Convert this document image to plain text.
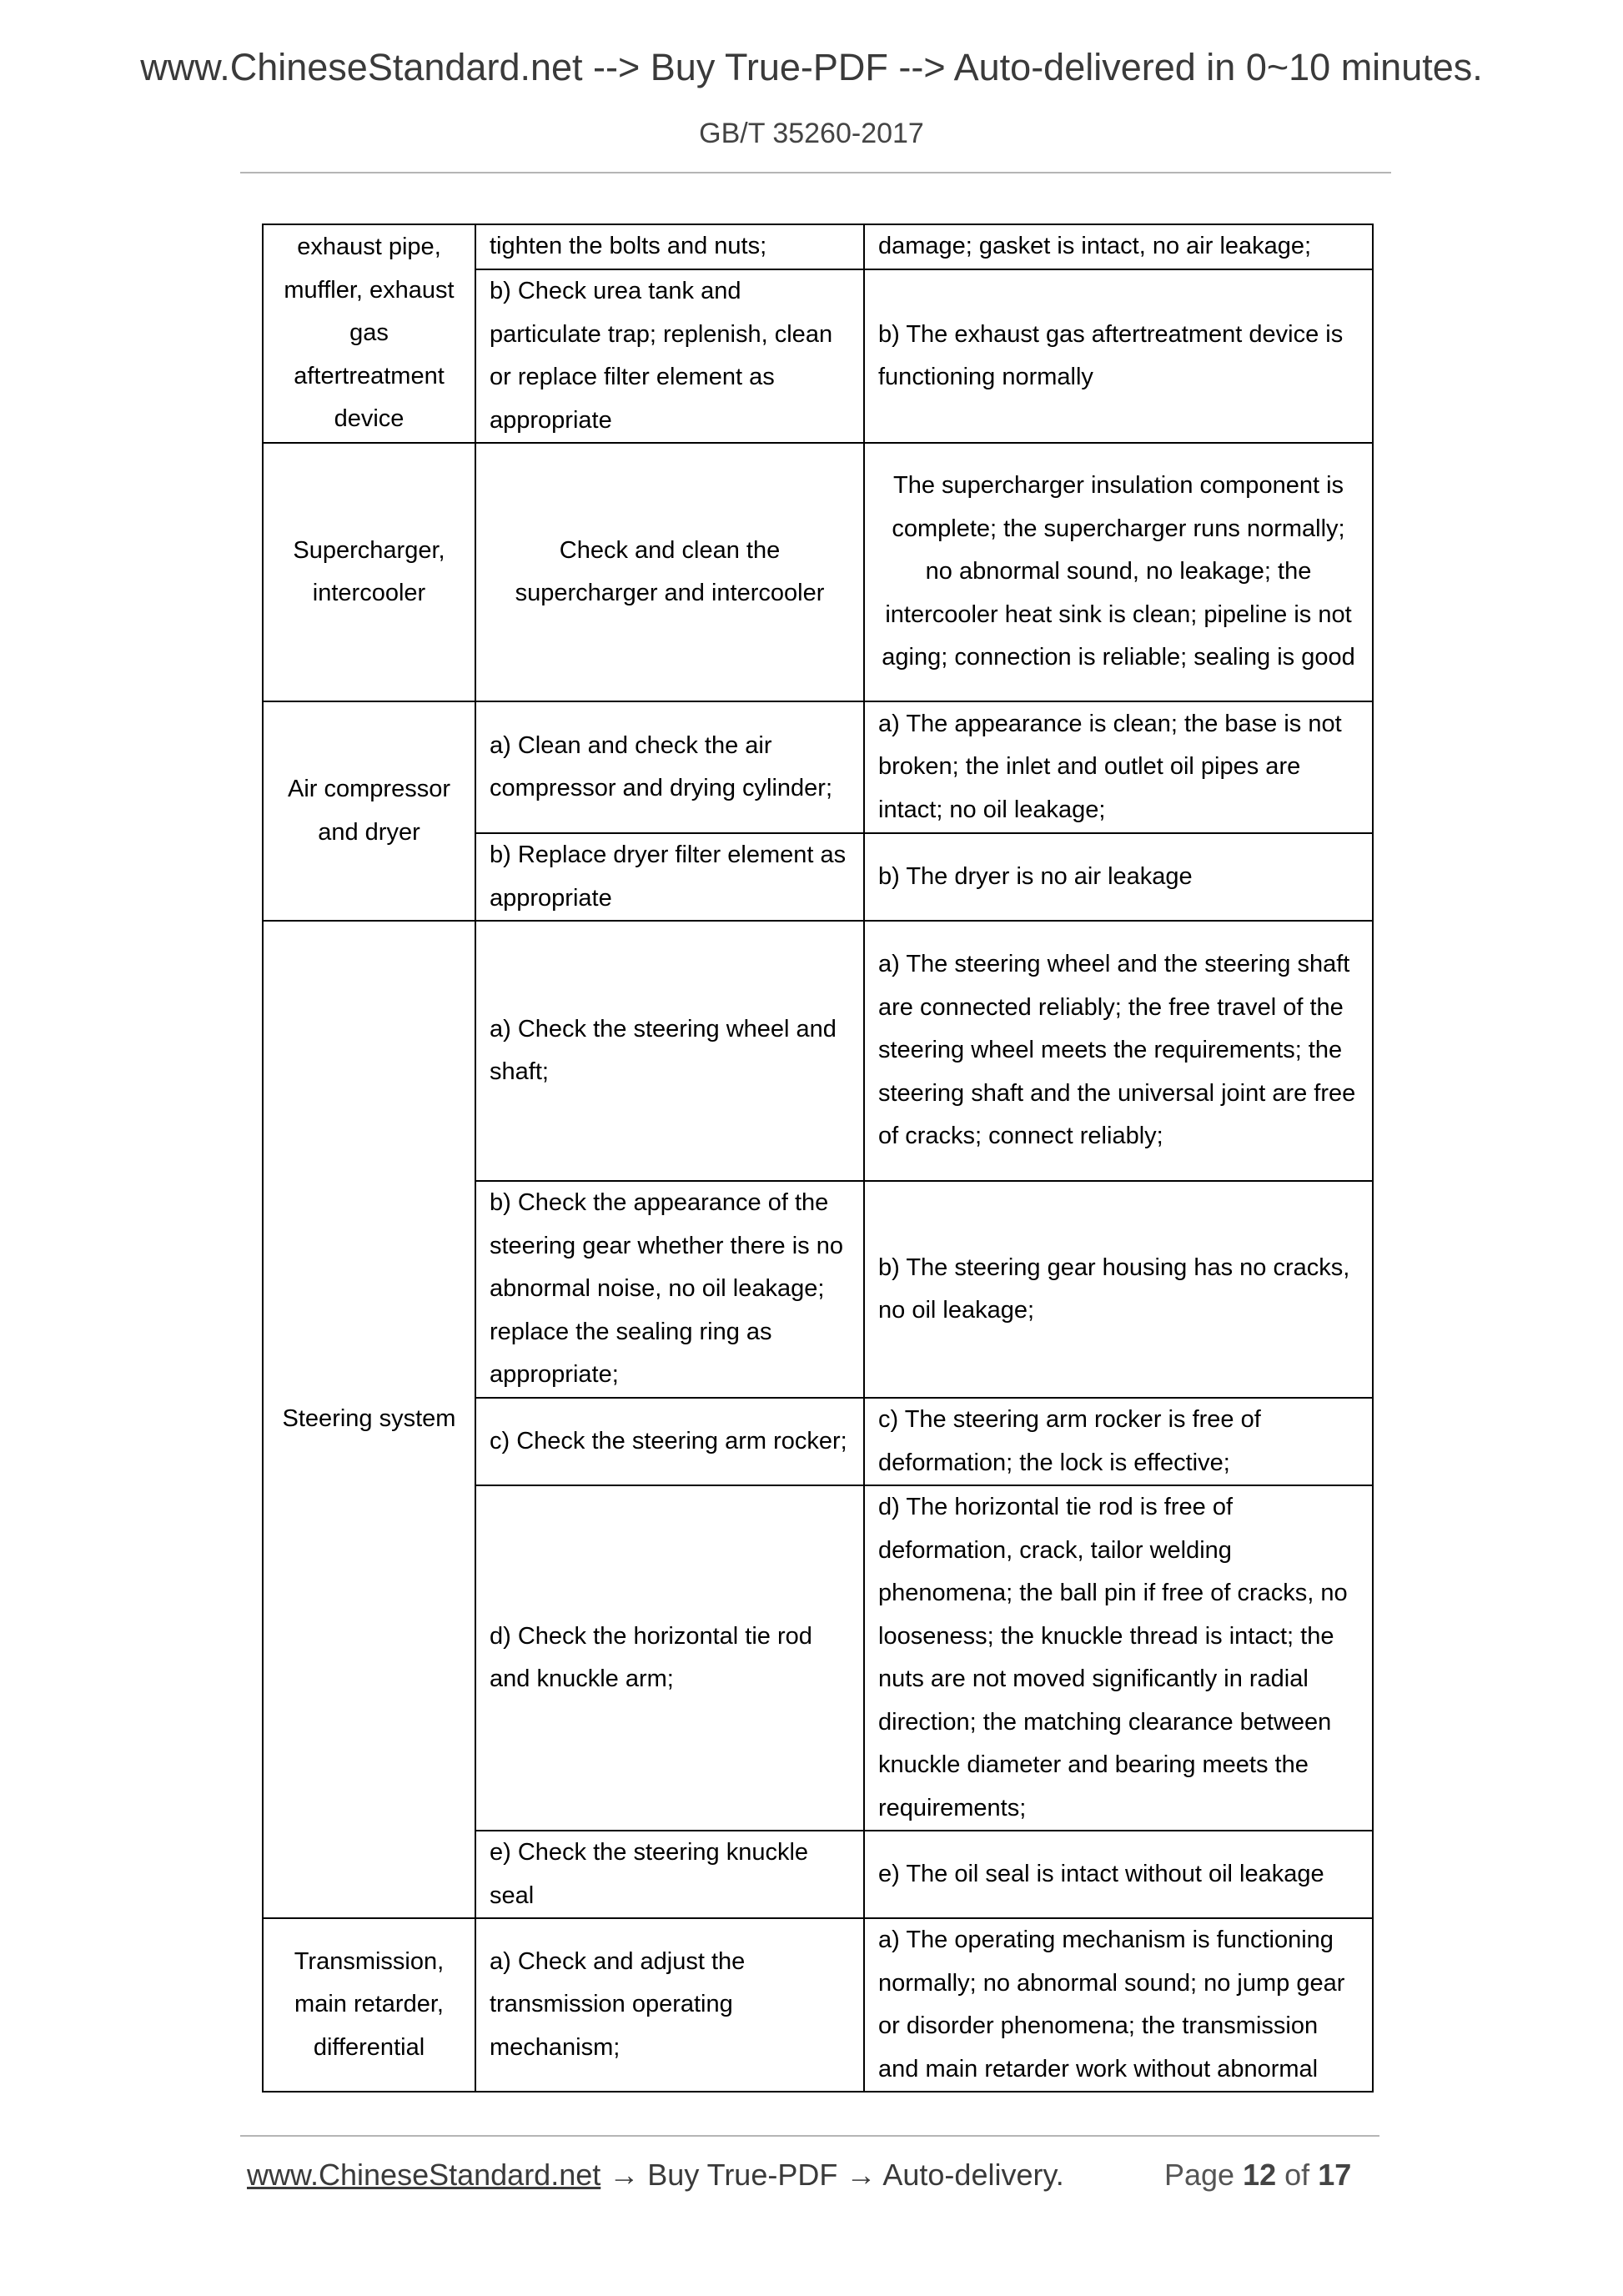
www.ChineseStandard.net --> Buy True-PDF --> Auto-delivered in 0~10 minutes.
GB/T 35260-2017
exhaust pipe, muffler, exhaust gas aftertreatment device	tighten the bolts and nuts;	damage; gasket is intact, no air leakage;
	b) Check urea tank and particulate trap; replenish, clean or replace filter element as appropriate	b) The exhaust gas aftertreatment device is functioning normally
Supercharger, intercooler	Check and clean the supercharger and intercooler	The supercharger insulation component is complete; the supercharger runs normally; no abnormal sound, no leakage; the intercooler heat sink is clean; pipeline is not aging; connection is reliable; sealing is good
Air compressor and dryer	a) Clean and check the air compressor and drying cylinder;	a) The appearance is clean; the base is not broken; the inlet and outlet oil pipes are intact; no oil leakage;
	b) Replace dryer filter element as appropriate	b) The dryer is no air leakage
Steering system	a) Check the steering wheel and shaft;	a) The steering wheel and the steering shaft are connected reliably; the free travel of the steering wheel meets the requirements; the steering shaft and the universal joint are free of cracks; connect reliably;
	b) Check the appearance of the steering gear whether there is no abnormal noise, no oil leakage; replace the sealing ring as appropriate;	b) The steering gear housing has no cracks, no oil leakage;
	c) Check the steering arm rocker;	c) The steering arm rocker is free of deformation; the lock is effective;
	d) Check the horizontal tie rod and knuckle arm;	d) The horizontal tie rod is free of deformation, crack, tailor welding phenomena; the ball pin if free of cracks, no looseness; the knuckle thread is intact; the nuts are not moved significantly in radial direction; the matching clearance between knuckle diameter and bearing meets the requirements;
	e) Check the steering knuckle seal	e) The oil seal is intact without oil leakage
Transmission, main retarder, differential	a) Check and adjust the transmission operating mechanism;	a) The operating mechanism is functioning normally; no abnormal sound; no jump gear or disorder phenomena; the transmission and main retarder work without abnormal
www.ChineseStandard.net → Buy True-PDF → Auto-delivery.	Page 12 of 17
